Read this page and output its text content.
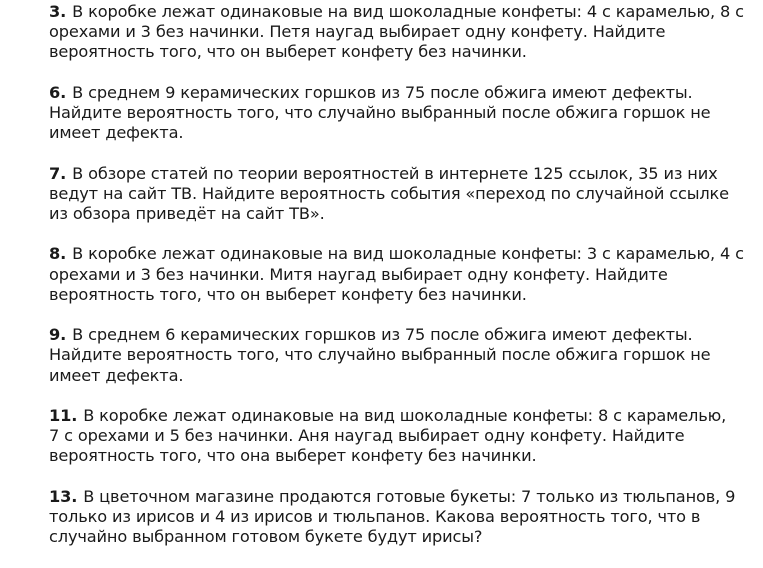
3. В коробке лежат одинаковые на вид шоколадные конфеты: 4 с карамелью, 8 с
орехами и 3 без начинки. Петя наугад выбирает одну конфету. Найдите
вероятность того, что он выберет конфету без начинки.
6. В среднем 9 керамических горшков из 75 после обжига имеют дефекты.
Найдите вероятность того, что случайно выбранный после обжига горшок не
имеет дефекта.
7. В обзоре статей по теории вероятностей в интернете 125 ссылок, 35 из них
ведут на сайт ТВ. Найдите вероятность события «переход по случайной ссылке
из обзора приведёт на сайт ТВ».
8. В коробке лежат одинаковые на вид шоколадные конфеты: 3 с карамелью, 4 с
орехами и 3 без начинки. Митя наугад выбирает одну конфету. Найдите
вероятность того, что он выберет конфету без начинки.
9. В среднем 6 керамических горшков из 75 после обжига имеют дефекты.
Найдите вероятность того, что случайно выбранный после обжига горшок не
имеет дефекта.
11. В коробке лежат одинаковые на вид шоколадные конфеты: 8 с карамелью,
7 с орехами и 5 без начинки. Аня наугад выбирает одну конфету. Найдите
вероятность того, что она выберет конфету без начинки.
13. В цветочном магазине продаются готовые букеты: 7 только из тюльпанов, 9
только из ирисов и 4 из ирисов и тюльпанов. Какова вероятность того, что в
случайно выбранном готовом букете будут ирисы?
